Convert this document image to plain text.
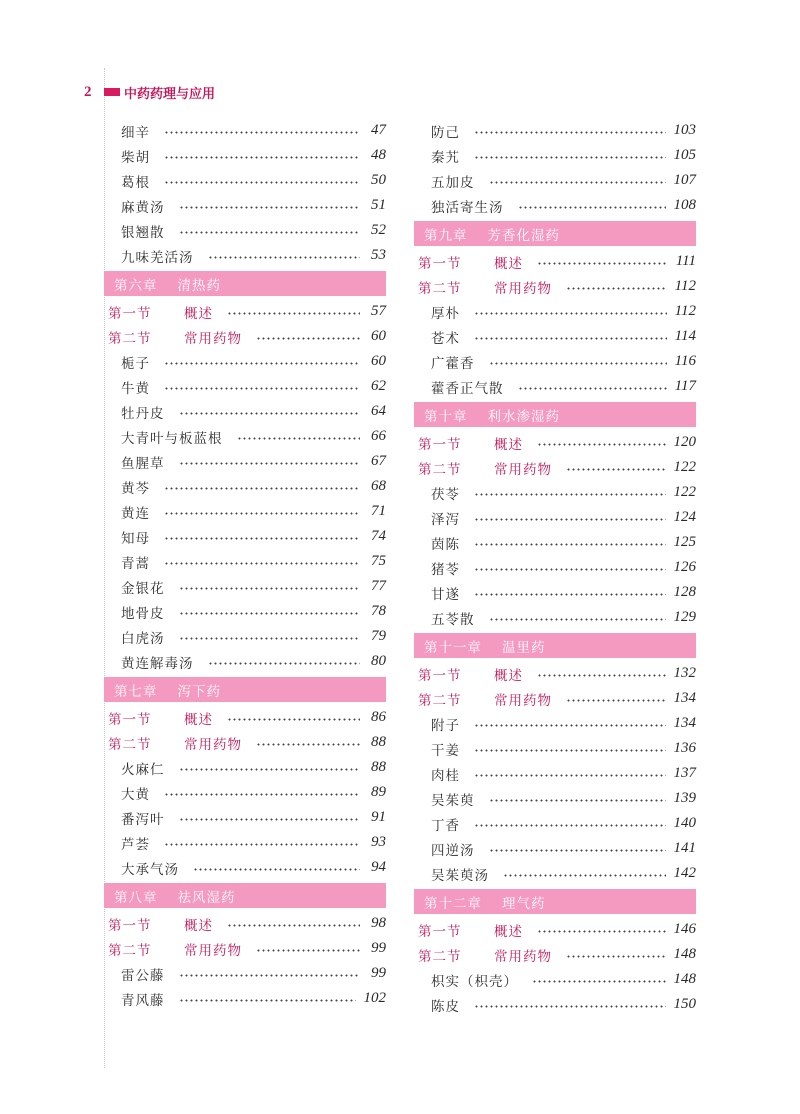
2	中药药理与应用
细辛	47
柴胡	48
葛根	50
麻黄汤	51
银翘散	52
九味羌活汤	53
第六章 清热药
第一节	概述	57
第二节	常用药物	60
栀子	60
牛黄	62
牡丹皮	64
大青叶与板蓝根	66
鱼腥草	67
黄芩	68
黄连	71
知母	74
青蒿	75
金银花	77
地骨皮	78
白虎汤	79
黄连解毒汤	80
第七章 泻下药
第一节	概述	86
第二节	常用药物	88
火麻仁	88
大黄	89
番泻叶	91
芦荟	93
大承气汤	94
第八章 祛风湿药
第一节	概述	98
第二节	常用药物	99
雷公藤	99
青风藤	102
防己	103
秦艽	105
五加皮	107
独活寄生汤	108
第九章 芳香化湿药
第一节	概述	111
第二节	常用药物	112
厚朴	112
苍术	114
广藿香	116
藿香正气散	117
第十章 利水渗湿药
第一节	概述	120
第二节	常用药物	122
茯苓	122
泽泻	124
茵陈	125
猪苓	126
甘遂	128
五苓散	129
第十一章 温里药
第一节	概述	132
第二节	常用药物	134
附子	134
干姜	136
肉桂	137
吴茱萸	139
丁香	140
四逆汤	141
吴茱萸汤	142
第十二章 理气药
第一节	概述	146
第二节	常用药物	148
枳实（枳壳）	148
陈皮	150
